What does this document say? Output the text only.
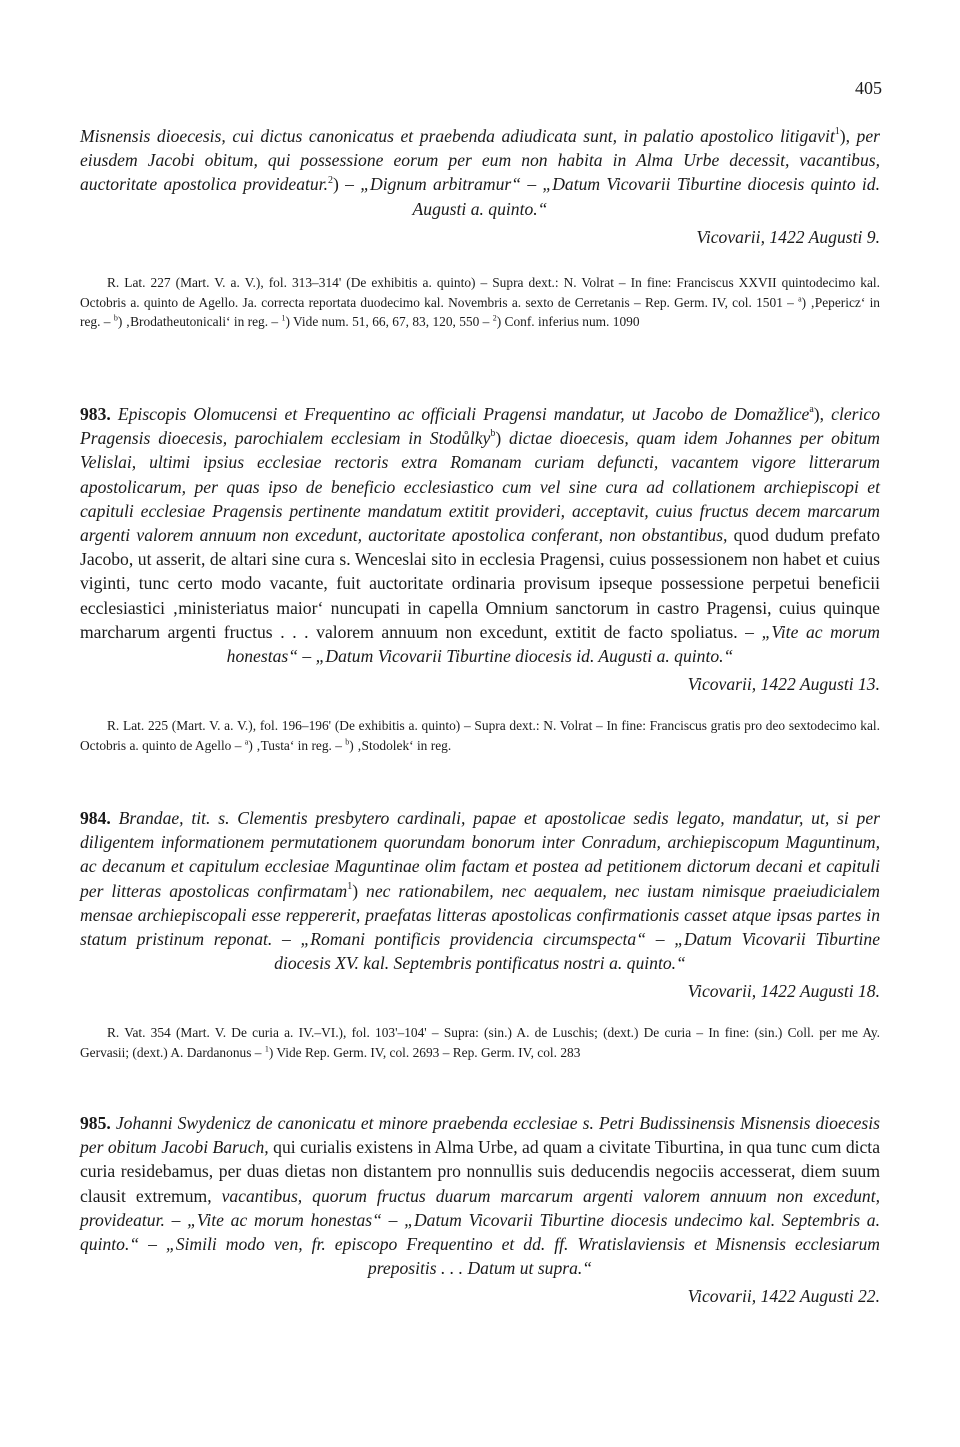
405

Misnensis dioecesis, cui dictus canonicatus et praebenda adiudicata sunt, in palatio apostolico litigavit$^1$), per eiusdem Jacobi obitum, qui possessione eorum per eum non habita in Alma Urbe decessit, vacantibus, auctoritate apostolica provideatur.$^2$) – „Dignum arbitramur“ – „Datum Vicovarii Tiburtine diocesis quinto id. Augusti a. quinto.“

Vicovarii, 1422 Augusti 9.

R. Lat. 227 (Mart. V. a. V.), fol. 313–314' (De exhibitis a. quinto) – Supra dext.: N. Volrat – In fine: Franciscus XXVII quintodecimo kal. Octobris a. quinto de Agello. Ja. correcta reportata duodecimo kal. Novembris a. sexto de Cerretanis – Rep. Germ. IV, col. 1501 – $^a$) ‚Pepericz‘ in reg. – $^b$) ‚Brodatheutonicali‘ in reg. – $^1$) Vide num. 51, 66, 67, 83, 120, 550 – $^2$) Conf. inferius num. 1090

983. Episcopis Olomucensi et Frequentino ac officiali Pragensi mandatur, ut Jacobo de Domažlice$^a$), clerico Pragensis dioecesis, parochialem ecclesiam in Stodůlky$^b$) dictae dioecesis, quam idem Johannes per obitum Velislai, ultimi ipsius ecclesiae rectoris extra Romanam curiam defuncti, vacantem vigore litterarum apostolicarum, per quas ipso de beneficio ecclesiastico cum vel sine cura ad collationem archiepiscopi et capituli ecclesiae Pragensis pertinente mandatum extitit provideri, acceptavit, cuius fructus decem marcarum argenti valorem annuum non excedunt, auctoritate apostolica conferant, non obstantibus, quod dudum prefato Jacobo, ut asserit, de altari sine cura s. Wenceslai sito in ecclesia Pragensi, cuius possessionem non habet et cuius viginti, tunc certo modo vacante, fuit auctoritate ordinaria provisum ipseque possessione perpetui beneficii ecclesiastici ‚ministeriatus maior‘ nuncupati in capella Omnium sanctorum in castro Pragensi, cuius quinque marcharum argenti fructus . . . valorem annuum non excedunt, extitit de facto spoliatus. – „Vite ac morum honestas“ – „Datum Vicovarii Tiburtine diocesis id. Augusti a. quinto.“

Vicovarii, 1422 Augusti 13.

R. Lat. 225 (Mart. V. a. V.), fol. 196–196' (De exhibitis a. quinto) – Supra dext.: N. Volrat – In fine: Franciscus gratis pro deo sextodecimo kal. Octobris a. quinto de Agello – $^a$) ‚Tusta‘ in reg. – $^b$) ‚Stodolek‘ in reg.

984. Brandae, tit. s. Clementis presbytero cardinali, papae et apostolicae sedis legato, mandatur, ut, si per diligentem informationem permutationem quorundam bonorum inter Conradum, archiepiscopum Maguntinum, ac decanum et capitulum ecclesiae Maguntinae olim factam et postea ad petitionem dictorum decani et capituli per litteras apostolicas confirmatam$^1$) nec rationabilem, nec aequalem, nec iustam nimisque praeiudicialem mensae archiepiscopali esse reppererit, praefatas litteras apostolicas confirmationis casset atque ipsas partes in statum pristinum reponat. – „Romani pontificis providencia circumspecta“ – „Datum Vicovarii Tiburtine diocesis XV. kal. Septembris pontificatus nostri a. quinto.“

Vicovarii, 1422 Augusti 18.

R. Vat. 354 (Mart. V. De curia a. IV.–VI.), fol. 103'–104' – Supra: (sin.) A. de Luschis; (dext.) De curia – In fine: (sin.) Coll. per me Ay. Gervasii; (dext.) A. Dardanonus – $^1$) Vide Rep. Germ. IV, col. 2693 – Rep. Germ. IV, col. 283

985. Johanni Swydenicz de canonicatu et minore praebenda ecclesiae s. Petri Budissinensis Misnensis dioecesis per obitum Jacobi Baruch, qui curialis existens in Alma Urbe, ad quam a civitate Tiburtina, in qua tunc cum dicta curia residebamus, per duas dietas non distantem pro nonnullis suis deducendis negociis accesserat, diem suum clausit extremum, vacantibus, quorum fructus duarum marcarum argenti valorem annuum non excedunt, provideatur. – „Vite ac morum honestas“ – „Datum Vicovarii Tiburtine diocesis undecimo kal. Septembris a. quinto.“ – „Simili modo ven, fr. episcopo Frequentino et dd. ff. Wratislaviensis et Misnensis ecclesiarum prepositis . . . Datum ut supra.“

Vicovarii, 1422 Augusti 22.
